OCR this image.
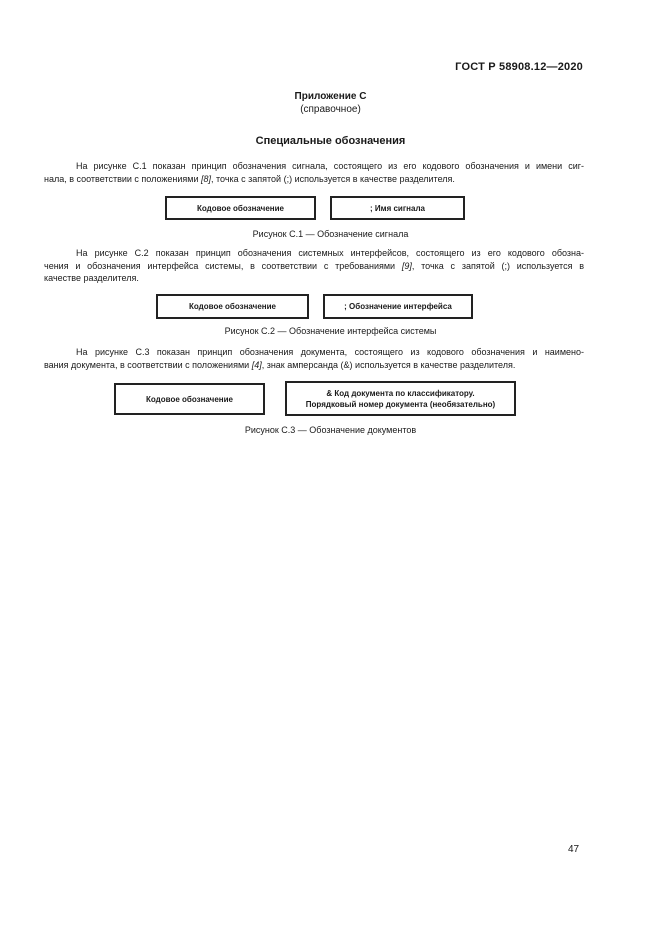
ГОСТ Р 58908.12—2020
Приложение С
(справочное)
Специальные обозначения
На рисунке С.1 показан принцип обозначения сигнала, состоящего из его кодового обозначения и имени сиг-
нала, в соответствии с положениями [8], точка с запятой (;) используется в качестве разделителя.
Кодовое обозначение	; Имя сигнала
Рисунок С.1 — Обозначение сигнала
На рисунке С.2 показан принцип обозначения системных интерфейсов, состоящего из его кодового обозна-
чения и обозначения интерфейса системы, в соответствии с требованиями [9], точка с запятой (;) используется в
качестве разделителя.
Кодовое обозначение	; Обозначение интерфейса
Рисунок С.2 — Обозначение интерфейса системы
На рисунке С.3 показан принцип обозначения документа, состоящего из кодового обозначения и наимено-
вания документа, в соответствии с положениями [4], знак амперсанда (&) используется в качестве разделителя.
Кодовое обозначение
& Код документа по классификатору.
Порядковый номер документа (необязательно)
Рисунок С.3 — Обозначение документов
47
